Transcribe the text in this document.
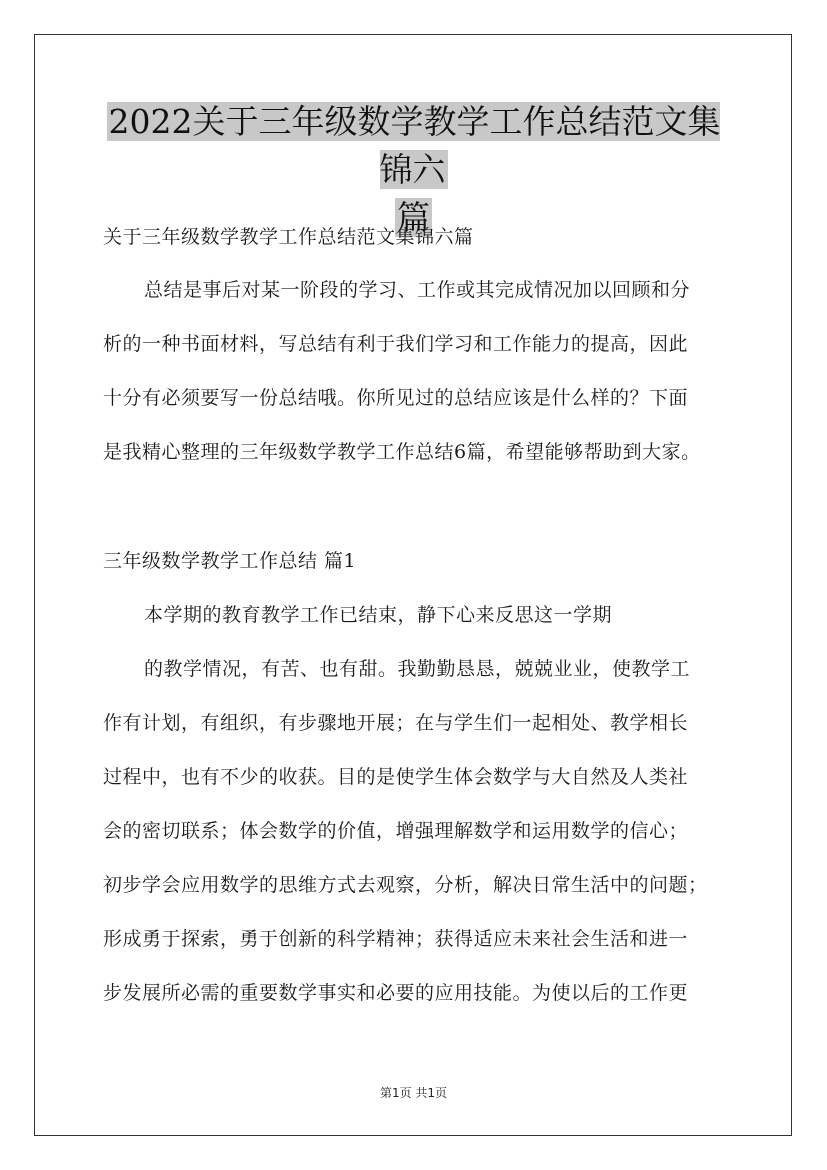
2022关于三年级数学教学工作总结范文集锦六
篇
关于三年级数学教学工作总结范文集锦六篇
总结是事后对某一阶段的学习、工作或其完成情况加以回顾和分
析的一种书面材料，写总结有利于我们学习和工作能力的提高，因此
十分有必须要写一份总结哦。你所见过的总结应该是什么样的？下面
是我精心整理的三年级数学教学工作总结6篇，希望能够帮助到大家。
三年级数学教学工作总结 篇1
本学期的教育教学工作已结束，静下心来反思这一学期
的教学情况，有苦、也有甜。我勤勤恳恳，兢兢业业，使教学工
作有计划，有组织，有步骤地开展；在与学生们一起相处、教学相长
过程中，也有不少的收获。目的是使学生体会数学与大自然及人类社
会的密切联系；体会数学的价值，增强理解数学和运用数学的信心；
初步学会应用数学的思维方式去观察，分析，解决日常生活中的问题；
形成勇于探索，勇于创新的科学精神；获得适应未来社会生活和进一
步发展所必需的重要数学事实和必要的应用技能。为使以后的工作更
第1页 共1页
